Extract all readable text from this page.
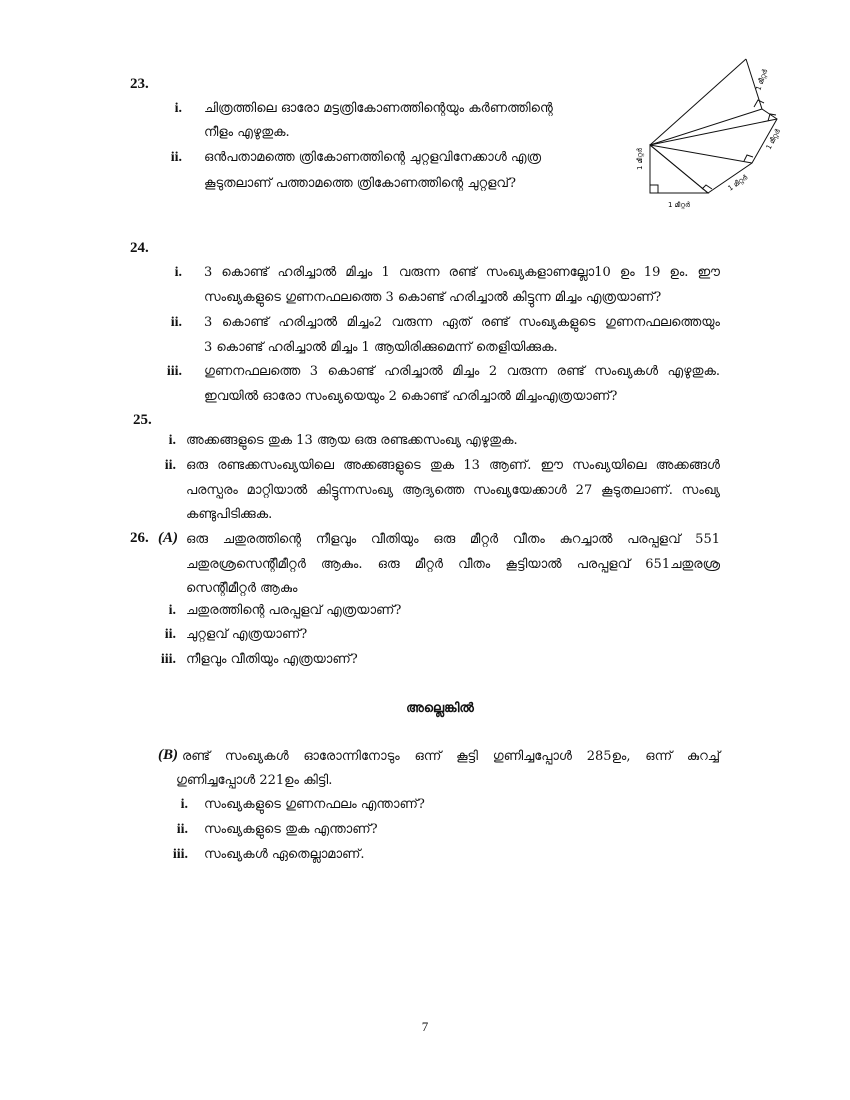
23.
i. ചിത്രത്തിലെ ഓരോ മട്ടത്രികോണത്തിന്റെയും കർണത്തിന്റെ
നീളം എഴുതുക.
ii. ഒൻപതാമത്തെ ത്രികോണത്തിന്റെ ചുറ്റളവിനേക്കാൾ എത്ര
കൂടുതലാണ് പത്താമത്തെ ത്രികോണത്തിന്റെ ചുറ്റളവ്?
1 മീറ്റർ
1 മീറ്റർ
1 മീറ്റർ
1 മീറ്റർ
1 മീറ്റർ
24.
i. 3 കൊണ്ട് ഹരിച്ചാൽ മിച്ചം 1 വരുന്ന രണ്ട് സംഖ്യകളാണല്ലോ10 ഉം 19 ഉം. ഈ
സംഖ്യകളുടെ ഗുണനഫലത്തെ 3 കൊണ്ട് ഹരിച്ചാൽ കിട്ടുന്ന മിച്ചം എത്രയാണ്?
ii. 3 കൊണ്ട് ഹരിച്ചാൽ മിച്ചം2 വരുന്ന ഏത് രണ്ട് സംഖ്യകളുടെ ഗുണനഫലത്തെയും
3 കൊണ്ട് ഹരിച്ചാൽ മിച്ചം 1 ആയിരിക്കുമെന്ന് തെളിയിക്കുക.
iii. ഗുണനഫലത്തെ 3 കൊണ്ട് ഹരിച്ചാൽ മിച്ചം 2 വരുന്ന രണ്ട് സംഖ്യകൾ എഴുതുക.
ഇവയിൽ ഓരോ സംഖ്യയെയും 2 കൊണ്ട് ഹരിച്ചാൽ മിച്ചംഎത്രയാണ്?
25.
i. അക്കങ്ങളുടെ തുക 13 ആയ ഒരു രണ്ടക്കസംഖ്യ എഴുതുക.
ii. ഒരു രണ്ടക്കസംഖ്യയിലെ അക്കങ്ങളുടെ തുക 13 ആണ്. ഈ സംഖ്യയിലെ അക്കങ്ങൾ
പരസ്പരം മാറ്റിയാൽ കിട്ടുന്നസംഖ്യ ആദ്യത്തെ സംഖ്യയേക്കാൾ 27 കൂടുതലാണ്. സംഖ്യ
കണ്ടുപിടിക്കുക.
26. (A) ഒരു ചതുരത്തിന്റെ നീളവും വീതിയും ഒരു മീറ്റർ വീതം കുറച്ചാൽ പരപ്പളവ് 551
ചതുരശ്രസെന്റീമീറ്റർ ആകും. ഒരു മീറ്റർ വീതം കൂട്ടിയാൽ പരപ്പളവ് 651ചതുരശ്ര
സെന്റീമീറ്റർ ആകും
i. ചതുരത്തിന്റെ പരപ്പളവ് എത്രയാണ്?
ii. ചുറ്റളവ് എത്രയാണ്?
iii. നീളവും വീതിയും എത്രയാണ്?
അല്ലെങ്കിൽ
(B) രണ്ട് സംഖ്യകൾ ഓരോന്നിനോടും ഒന്ന് കൂട്ടി ഗുണിച്ചപ്പോൾ 285ഉം, ഒന്ന് കുറച്ച്
ഗുണിച്ചപ്പോൾ 221ഉം കിട്ടി.
i. സംഖ്യകളുടെ ഗുണനഫലം എന്താണ്?
ii. സംഖ്യകളുടെ തുക എന്താണ്?
iii. സംഖ്യകൾ ഏതെല്ലാമാണ്.
7
